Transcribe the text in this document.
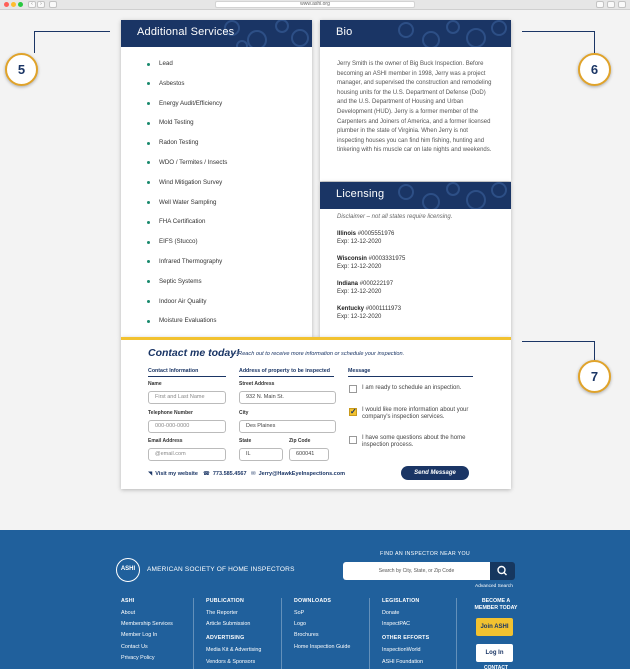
‹	›	www.ashi.org
Additional Services
Lead
Asbestos
Energy Audit/Efficiency
Mold Testing
Radon Testing
WDO / Termites / Insects
Wind Mitigation Survey
Well Water Sampling
FHA Certification
EIFS (Stucco)
Infrared Thermography
Septic Systems
Indoor Air Quality
Moisture Evaluations
Bio

Jerry Smith is the owner of Big Buck Inspection. Before becoming an ASHI member in 1998, Jerry was a project manager, and supervised the construction and remodeling housing units for the U.S. Department of Defense (DoD) and the U.S. Department of Housing and Urban Development (HUD). Jerry is a former member of the Carpenters and Joiners of America, and a former licensed plumber in the state of Virginia. When Jerry is not inspecting houses you can find him fishing, hunting and tinkering with his muscle car on late nights and weekends.

Licensing

Disclaimer – not all states require licensing.

Illinois #0005551976
Exp: 12-12-2020
Wisconsin #0003331975
Exp: 12-12-2020
Indiana #000222197
Exp: 12-12-2020
Kentucky #0001111973
Exp: 12-12-2020
5	6
7
Contact me today!
— Reach out to receive more information or schedule your inspection.
Contact Information	Address of property to be inspected	Message
Name
First and Last Name
Telephone Number
000-000-0000
Email Address
@email.com
Street Address
932 N. Main St.
City
Des Plaines
State
IL
Zip Code
600041
I am ready to schedule an inspection.
✓
I would like more information about your company's inspection services.
I have some questions about the home inspection process.
Send Message
◥ Visit my website ☎ 773.585.4567 ✉ Jerry@HawkEyeInspections.com
ASHI	AMERICAN SOCIETY OF HOME INSPECTORS
FIND AN INSPECTOR NEAR YOU
Search by City, State, or Zip Code
Advanced Search
ASHI
About
Membership Services
Member Log In
Contact Us
Privacy Policy
PUBLICATION
The Reporter
Article Submission
ADVERTISING
Media Kit & Advertising
Vendors & Sponsors
DOWNLOADS
SoP
Logo
Brochures
Home Inspection Guide
LEGISLATION
Donate
InspectPAC
OTHER EFFORTS
InspectionWorld
ASHI Foundation
BECOME A MEMBER TODAY
Join ASHI
Log In
CONTACT
